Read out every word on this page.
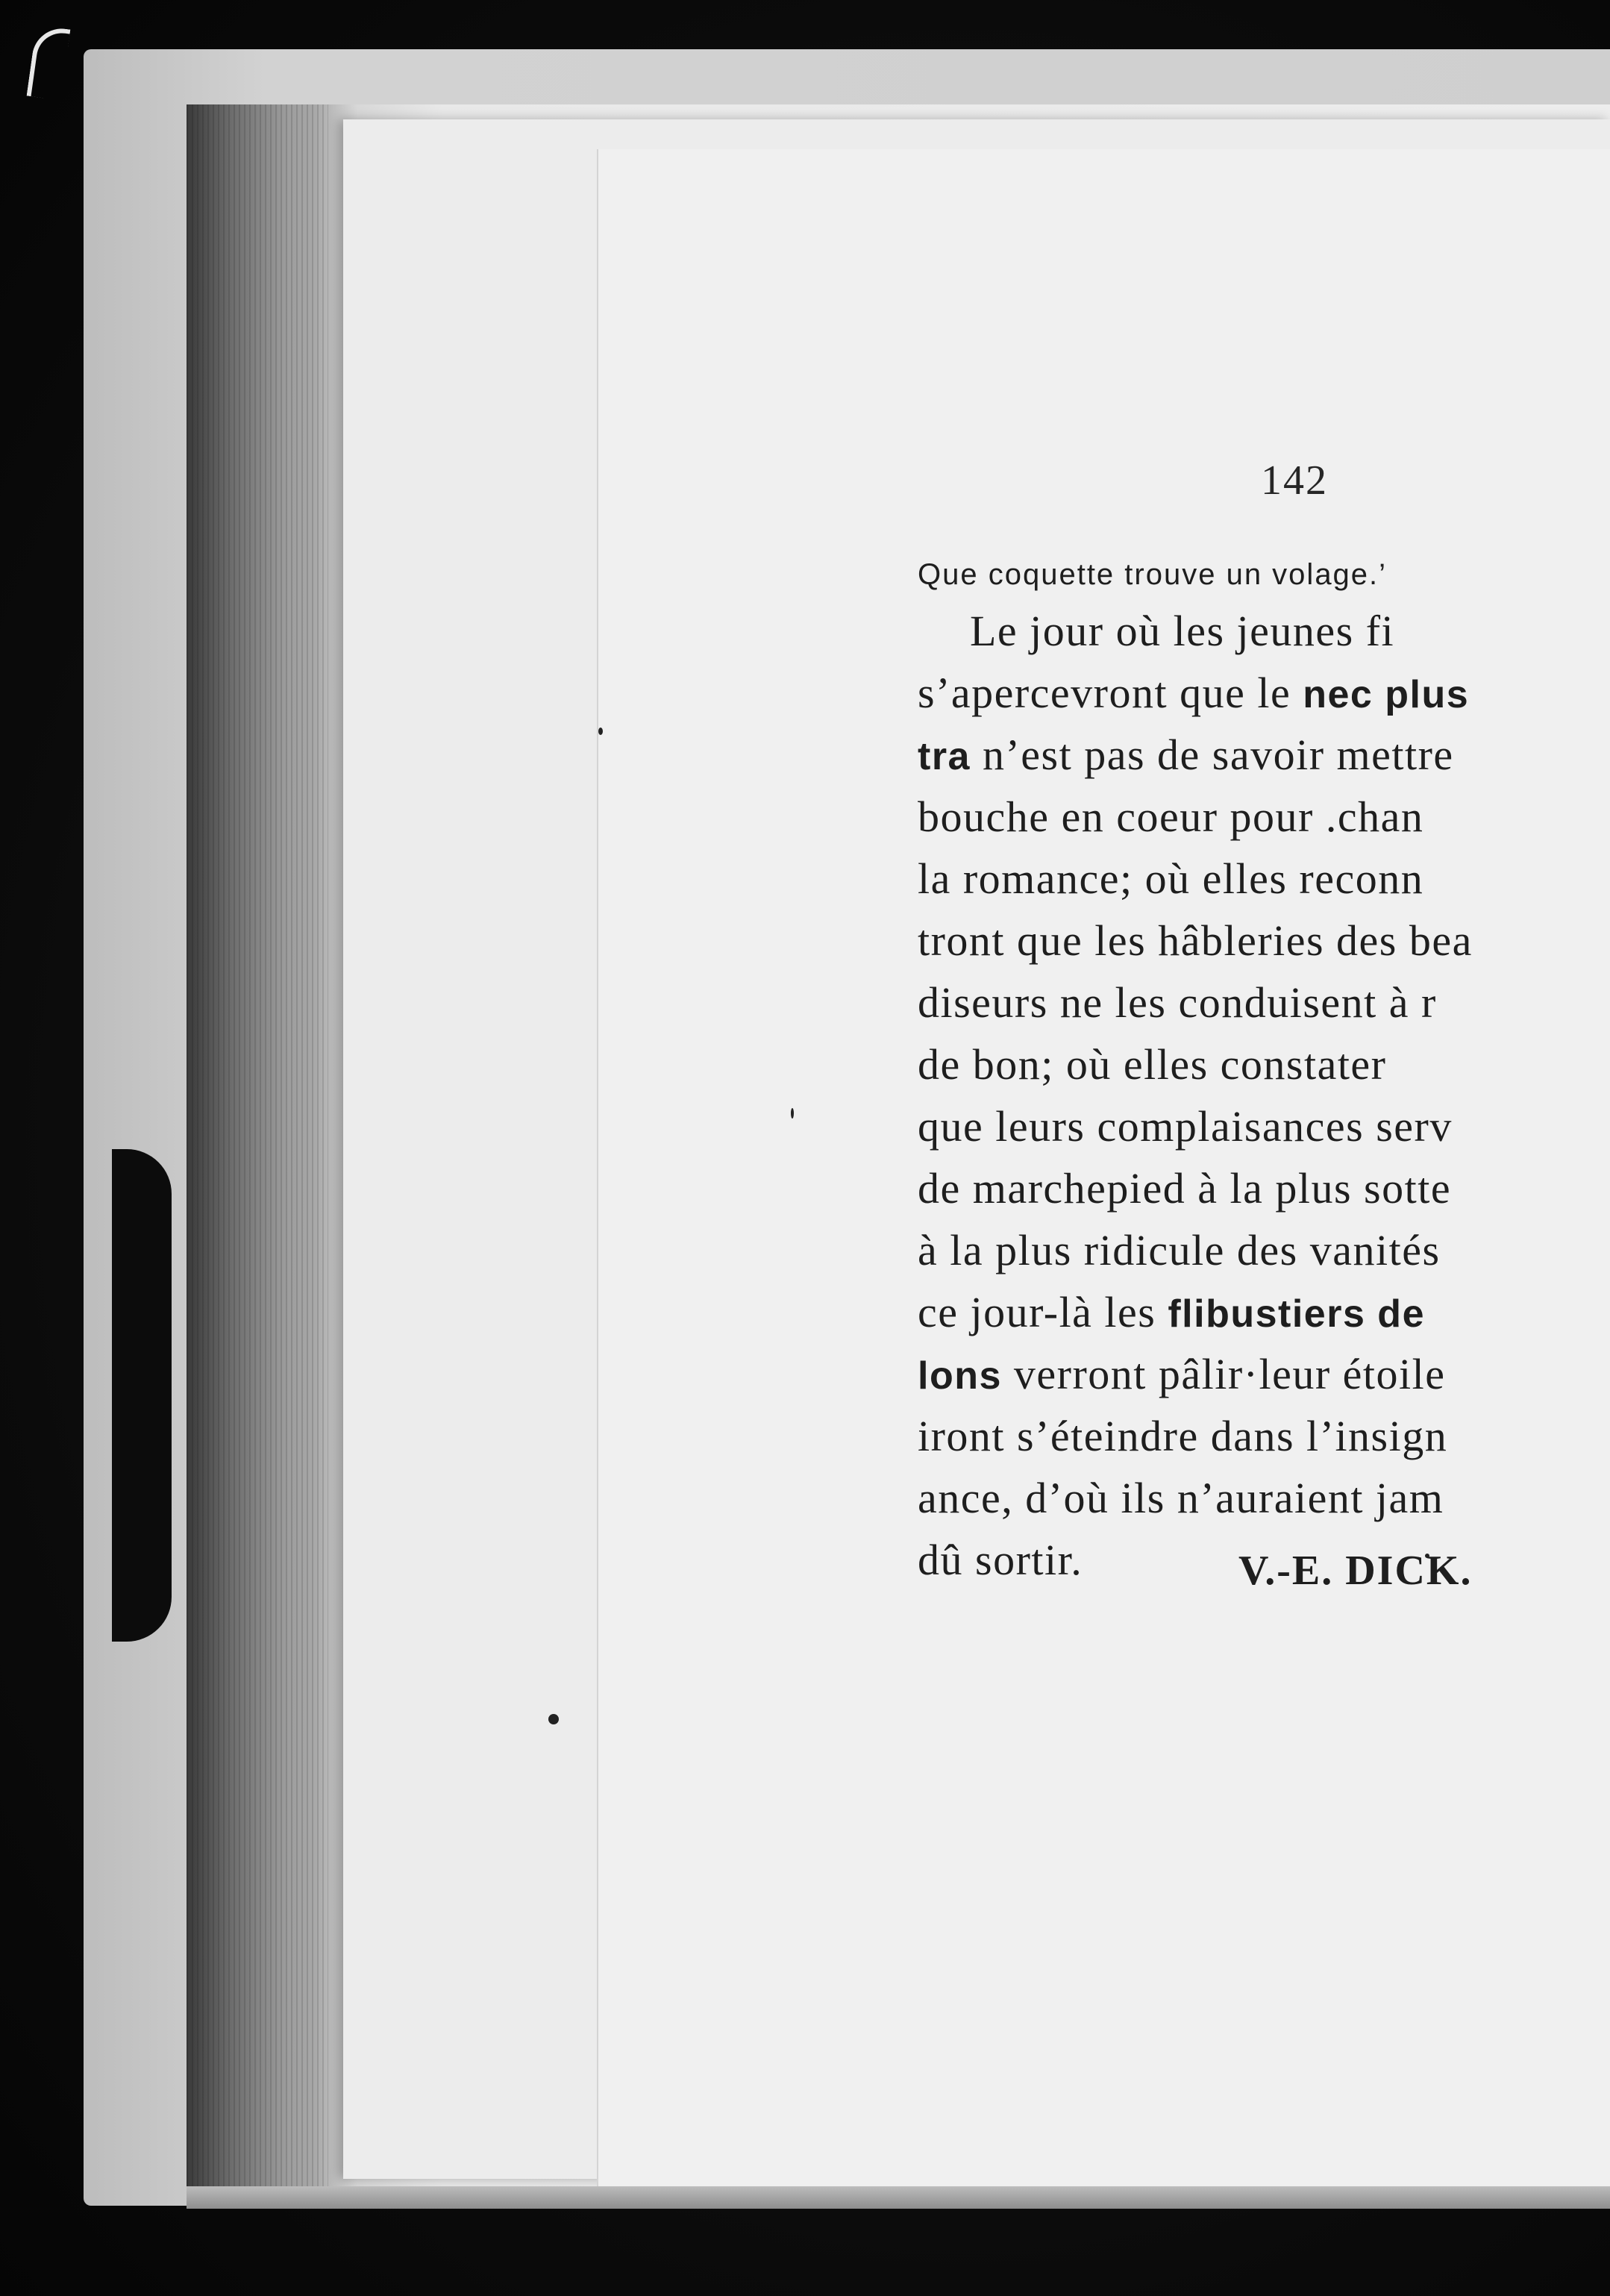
142
Que coquette trouve un volage.’
Le jour où les jeunes fi
s’apercevront que le nec plus
tra n’est pas de savoir mettre
bouche en coeur pour .chan
la romance; où elles reconn
tront que les hâbleries des bea
diseurs ne les conduisent à r
de bon; où elles constater
que leurs complaisances serv
de marchepied à la plus sotte
à la plus ridicule des vanités
ce jour-là les flibustiers de
lons verront pâlir·leur étoile
iront s’éteindre dans l’insign
ance, d’où ils n’auraient jam
dû sortir.	V.-E. DICK.
